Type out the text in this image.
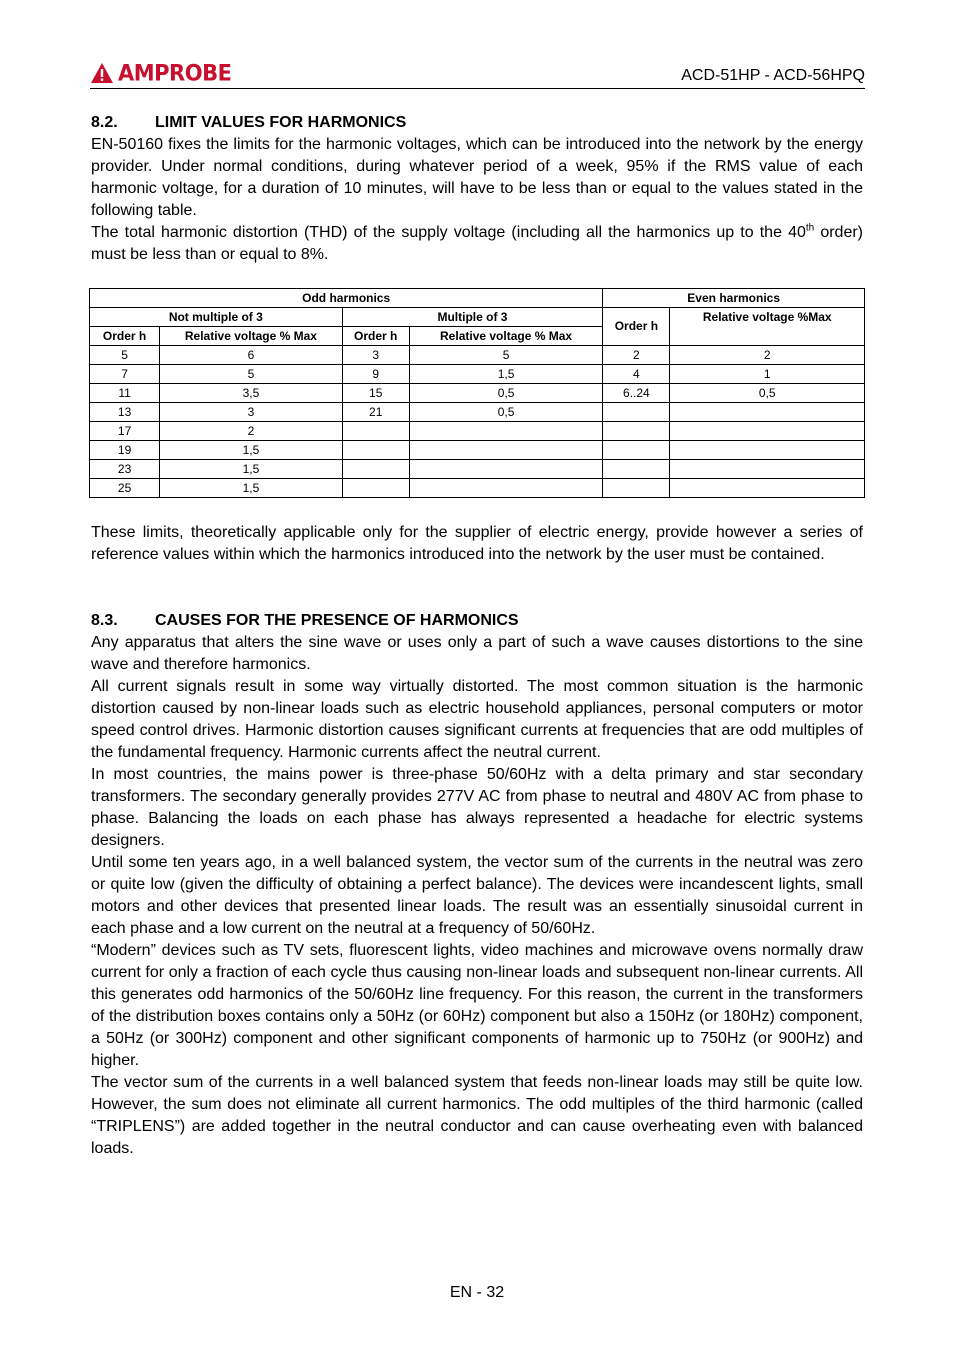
AMPROBE	ACD-51HP - ACD-56HPQ
8.2. LIMIT VALUES FOR HARMONICS

EN-50160 fixes the limits for the harmonic voltages, which can be introduced into the network by the energy provider. Under normal conditions, during whatever period of a week, 95% if the RMS value of each harmonic voltage, for a duration of 10 minutes, will have to be less than or equal to the values stated in the following table.

The total harmonic distortion (THD) of the supply voltage (including all the harmonics up to the 40th order) must be less than or equal to 8%.

Odd harmonics				Even harmonics	
Not multiple of 3		Multiple of 3		Order h	Relative voltage %Max
Order h	Relative voltage % Max	Order h	Relative voltage % Max		
5	6	3	5	2	2
7	5	9	1,5	4	1
11	3,5	15	0,5	6..24	0,5
13	3	21	0,5		
17	2				
19	1,5				
23	1,5				
25	1,5				

These limits, theoretically applicable only for the supplier of electric energy, provide however a series of reference values within which the harmonics introduced into the network by the user must be contained.

8.3. CAUSES FOR THE PRESENCE OF HARMONICS

Any apparatus that alters the sine wave or uses only a part of such a wave causes distortions to the sine wave and therefore harmonics.

All current signals result in some way virtually distorted. The most common situation is the harmonic distortion caused by non-linear loads such as electric household appliances, personal computers or motor speed control drives. Harmonic distortion causes significant currents at frequencies that are odd multiples of the fundamental frequency. Harmonic currents affect the neutral current.

In most countries, the mains power is three-phase 50/60Hz with a delta primary and star secondary transformers. The secondary generally provides 277V AC from phase to neutral and 480V AC from phase to phase. Balancing the loads on each phase has always represented a headache for electric systems designers.

Until some ten years ago, in a well balanced system, the vector sum of the currents in the neutral was zero or quite low (given the difficulty of obtaining a perfect balance). The devices were incandescent lights, small motors and other devices that presented linear loads. The result was an essentially sinusoidal current in each phase and a low current on the neutral at a frequency of 50/60Hz.

“Modern” devices such as TV sets, fluorescent lights, video machines and microwave ovens normally draw current for only a fraction of each cycle thus causing non-linear loads and subsequent non-linear currents. All this generates odd harmonics of the 50/60Hz line frequency. For this reason, the current in the transformers of the distribution boxes contains only a 50Hz (or 60Hz) component but also a 150Hz (or 180Hz) component, a 50Hz (or 300Hz) component and other significant components of harmonic up to 750Hz (or 900Hz) and higher.

The vector sum of the currents in a well balanced system that feeds non-linear loads may still be quite low. However, the sum does not eliminate all current harmonics. The odd multiples of the third harmonic (called “TRIPLENS”) are added together in the neutral conductor and can cause overheating even with balanced loads.

EN - 32
